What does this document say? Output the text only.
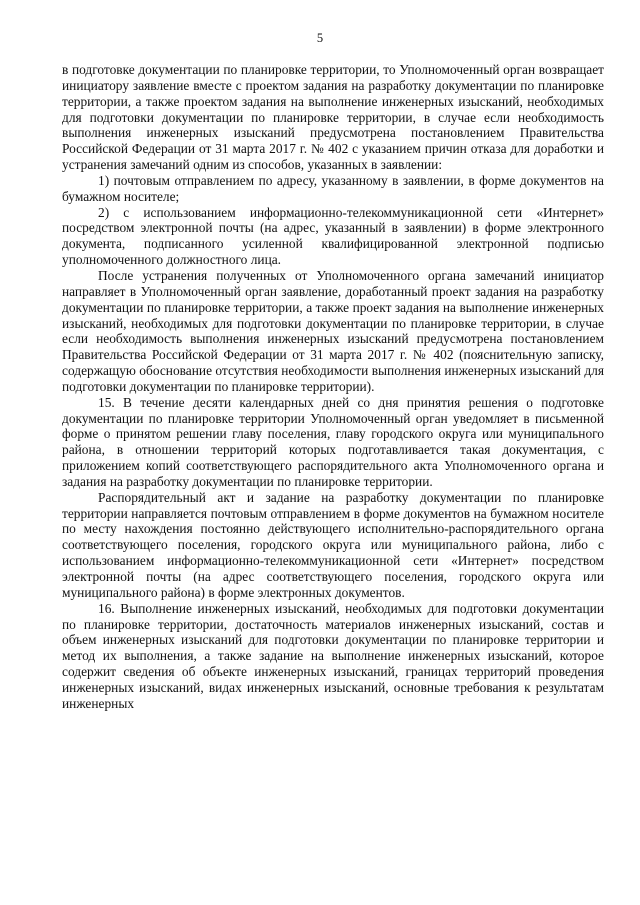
5

в подготовке документации по планировке территории, то Уполномоченный орган возвращает инициатору заявление вместе с проектом задания на разработку документации по планировке территории, а также проектом задания на выполнение инженерных изысканий, необходимых для подготовки документации по планировке территории, в случае если необходимость выполнения инженерных изысканий предусмотрена постановлением Правительства Российской Федерации от 31 марта 2017 г. № 402 с указанием причин отказа для доработки и устранения замечаний одним из способов, указанных в заявлении:

1) почтовым отправлением по адресу, указанному в заявлении, в форме документов на бумажном носителе;

2) с использованием информационно-телекоммуникационной сети «Интернет» посредством электронной почты (на адрес, указанный в заявлении) в форме электронного документа, подписанного усиленной квалифицированной электронной подписью уполномоченного должностного лица.

После устранения полученных от Уполномоченного органа замечаний инициатор направляет в Уполномоченный орган заявление, доработанный проект задания на разработку документации по планировке территории, а также проект задания на выполнение инженерных изысканий, необходимых для подготовки документации по планировке территории, в случае если необходимость выполнения инженерных изысканий предусмотрена постановлением Правительства Российской Федерации от 31 марта 2017 г. № 402 (пояснительную записку, содержащую обоснование отсутствия необходимости выполнения инженерных изысканий для подготовки документации по планировке территории).

15. В течение десяти календарных дней со дня принятия решения о подготовке документации по планировке территории Уполномоченный орган уведомляет в письменной форме о принятом решении главу поселения, главу городского округа или муниципального района, в отношении территорий которых подготавливается такая документация, с приложением копий соответствующего распорядительного акта Уполномоченного органа и задания на разработку документации по планировке территории.

Распорядительный акт и задание на разработку документации по планировке территории направляется почтовым отправлением в форме документов на бумажном носителе по месту нахождения постоянно действующего исполнительно-распорядительного органа соответствующего поселения, городского округа или муниципального района, либо с использованием информационно-телекоммуникационной сети «Интернет» посредством электронной почты (на адрес соответствующего поселения, городского округа или муниципального района) в форме электронных документов.

16. Выполнение инженерных изысканий, необходимых для подготовки документации по планировке территории, достаточность материалов инженерных изысканий, состав и объем инженерных изысканий для подготовки документации по планировке территории и метод их выполнения, а также задание на выполнение инженерных изысканий, которое содержит сведения об объекте инженерных изысканий, границах территорий проведения инженерных изысканий, видах инженерных изысканий, основные требования к результатам инженерных
